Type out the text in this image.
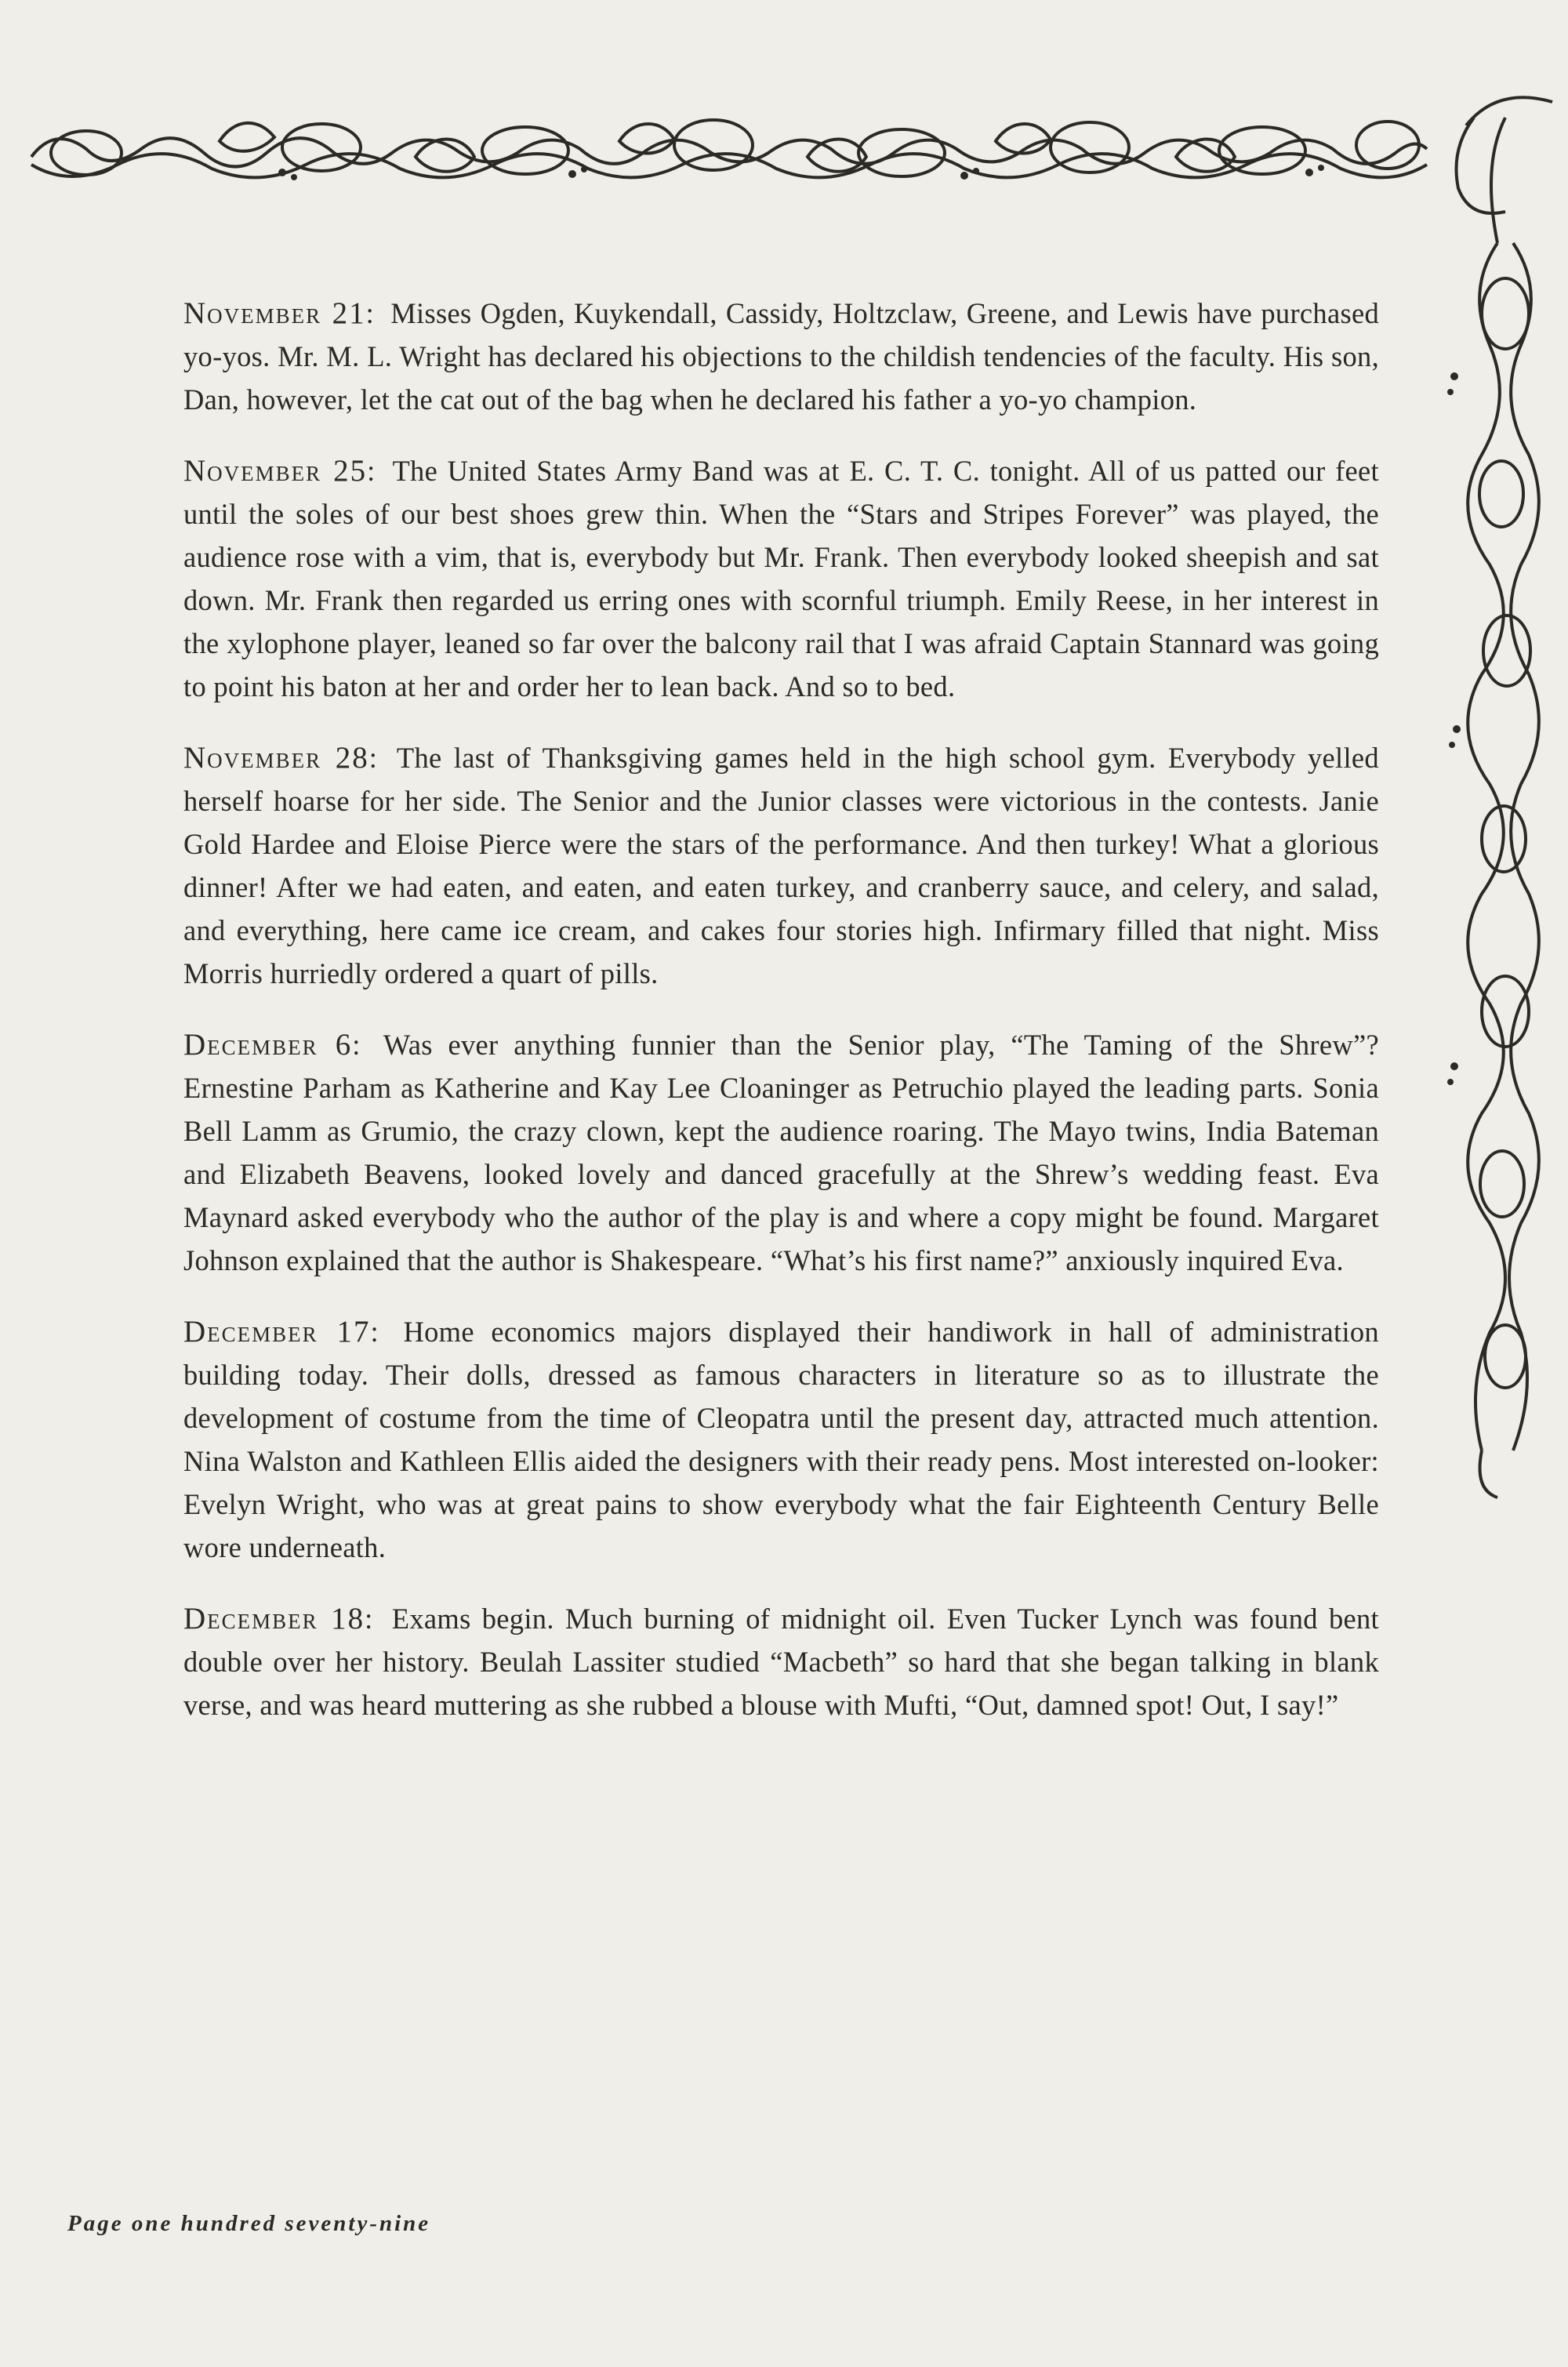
November 21: Misses Ogden, Kuykendall, Cassidy, Holtzclaw, Greene, and Lewis have purchased yo-yos. Mr. M. L. Wright has declared his objections to the childish tendencies of the faculty. His son, Dan, however, let the cat out of the bag when he declared his father a yo-yo champion.

November 25: The United States Army Band was at E. C. T. C. tonight. All of us patted our feet until the soles of our best shoes grew thin. When the “Stars and Stripes Forever” was played, the audience rose with a vim, that is, everybody but Mr. Frank. Then everybody looked sheepish and sat down. Mr. Frank then regarded us erring ones with scornful triumph. Emily Reese, in her interest in the xylophone player, leaned so far over the balcony rail that I was afraid Captain Stannard was going to point his baton at her and order her to lean back. And so to bed.

November 28: The last of Thanksgiving games held in the high school gym. Everybody yelled herself hoarse for her side. The Senior and the Junior classes were victorious in the contests. Janie Gold Hardee and Eloise Pierce were the stars of the performance. And then turkey! What a glorious dinner! After we had eaten, and eaten, and eaten turkey, and cranberry sauce, and celery, and salad, and everything, here came ice cream, and cakes four stories high. Infirmary filled that night. Miss Morris hurriedly ordered a quart of pills.

December 6: Was ever anything funnier than the Senior play, “The Taming of the Shrew”? Ernestine Parham as Katherine and Kay Lee Cloaninger as Petruchio played the leading parts. Sonia Bell Lamm as Grumio, the crazy clown, kept the audience roaring. The Mayo twins, India Bateman and Elizabeth Beavens, looked lovely and danced gracefully at the Shrew’s wedding feast. Eva Maynard asked everybody who the author of the play is and where a copy might be found. Margaret Johnson explained that the author is Shakespeare. “What’s his first name?” anxiously inquired Eva.

December 17: Home economics majors displayed their handiwork in hall of administration building today. Their dolls, dressed as famous characters in literature so as to illustrate the development of costume from the time of Cleopatra until the present day, attracted much attention. Nina Walston and Kathleen Ellis aided the designers with their ready pens. Most interested on-looker: Evelyn Wright, who was at great pains to show everybody what the fair Eighteenth Century Belle wore underneath.

December 18: Exams begin. Much burning of midnight oil. Even Tucker Lynch was found bent double over her history. Beulah Lassiter studied “Macbeth” so hard that she began talking in blank verse, and was heard muttering as she rubbed a blouse with Mufti, “Out, damned spot! Out, I say!”

Page one hundred seventy-nine
